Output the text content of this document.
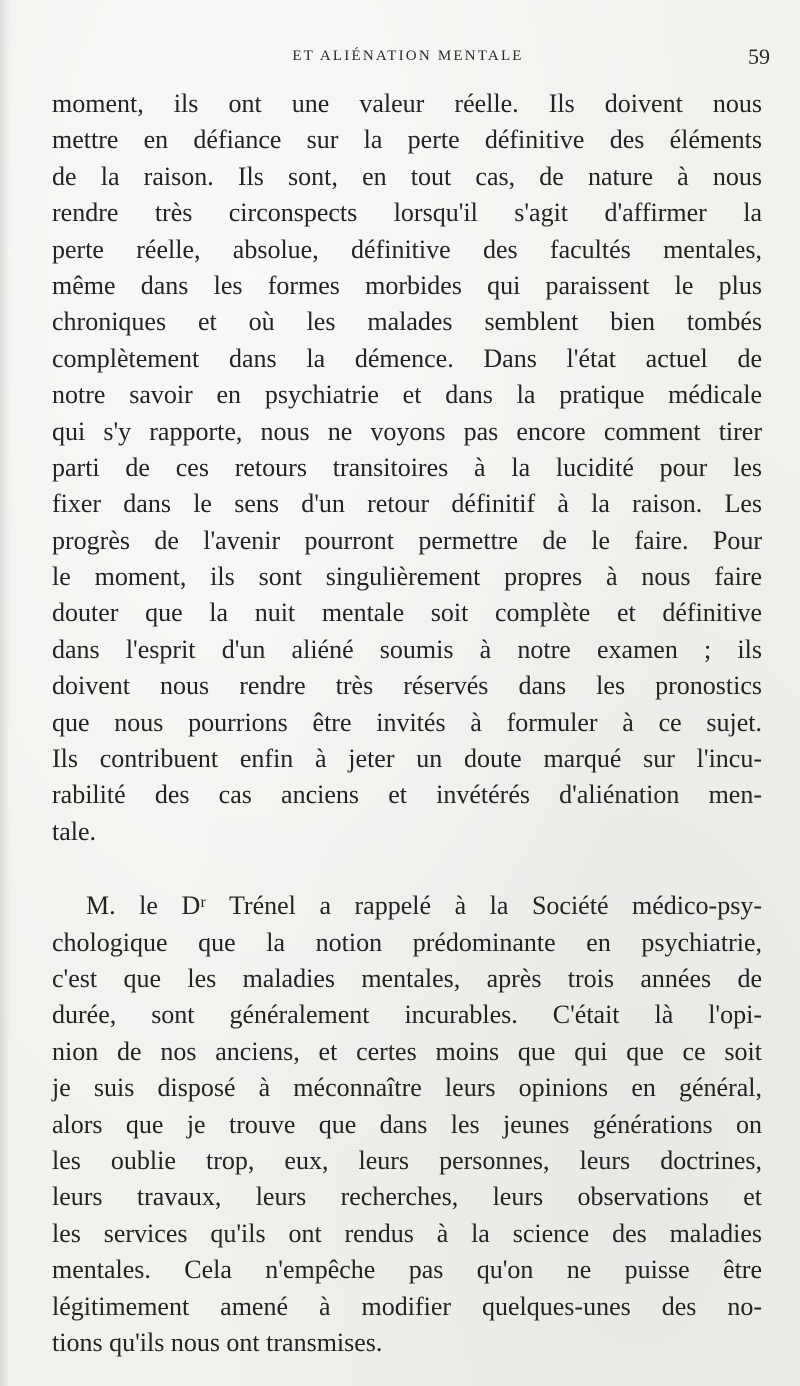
ET ALIÉNATION MENTALE	59
moment, ils ont une valeur réelle. Ils doivent nous
mettre en défiance sur la perte définitive des éléments
de la raison. Ils sont, en tout cas, de nature à nous
rendre très circonspects lorsqu'il s'agit d'affirmer la
perte réelle, absolue, définitive des facultés mentales,
même dans les formes morbides qui paraissent le plus
chroniques et où les malades semblent bien tombés
complètement dans la démence. Dans l'état actuel de
notre savoir en psychiatrie et dans la pratique médicale
qui s'y rapporte, nous ne voyons pas encore comment tirer
parti de ces retours transitoires à la lucidité pour les
fixer dans le sens d'un retour définitif à la raison. Les
progrès de l'avenir pourront permettre de le faire. Pour
le moment, ils sont singulièrement propres à nous faire
douter que la nuit mentale soit complète et définitive
dans l'esprit d'un aliéné soumis à notre examen ; ils
doivent nous rendre très réservés dans les pronostics
que nous pourrions être invités à formuler à ce sujet.
Ils contribuent enfin à jeter un doute marqué sur l'incu-
rabilité des cas anciens et invétérés d'aliénation men-
tale.
M. le Dʳ Trénel a rappelé à la Société médico-psy-
chologique que la notion prédominante en psychiatrie,
c'est que les maladies mentales, après trois années de
durée, sont généralement incurables. C'était là l'opi-
nion de nos anciens, et certes moins que qui que ce soit
je suis disposé à méconnaître leurs opinions en général,
alors que je trouve que dans les jeunes générations on
les oublie trop, eux, leurs personnes, leurs doctrines,
leurs travaux, leurs recherches, leurs observations et
les services qu'ils ont rendus à la science des maladies
mentales. Cela n'empêche pas qu'on ne puisse être
légitimement amené à modifier quelques-unes des no-
tions qu'ils nous ont transmises.
